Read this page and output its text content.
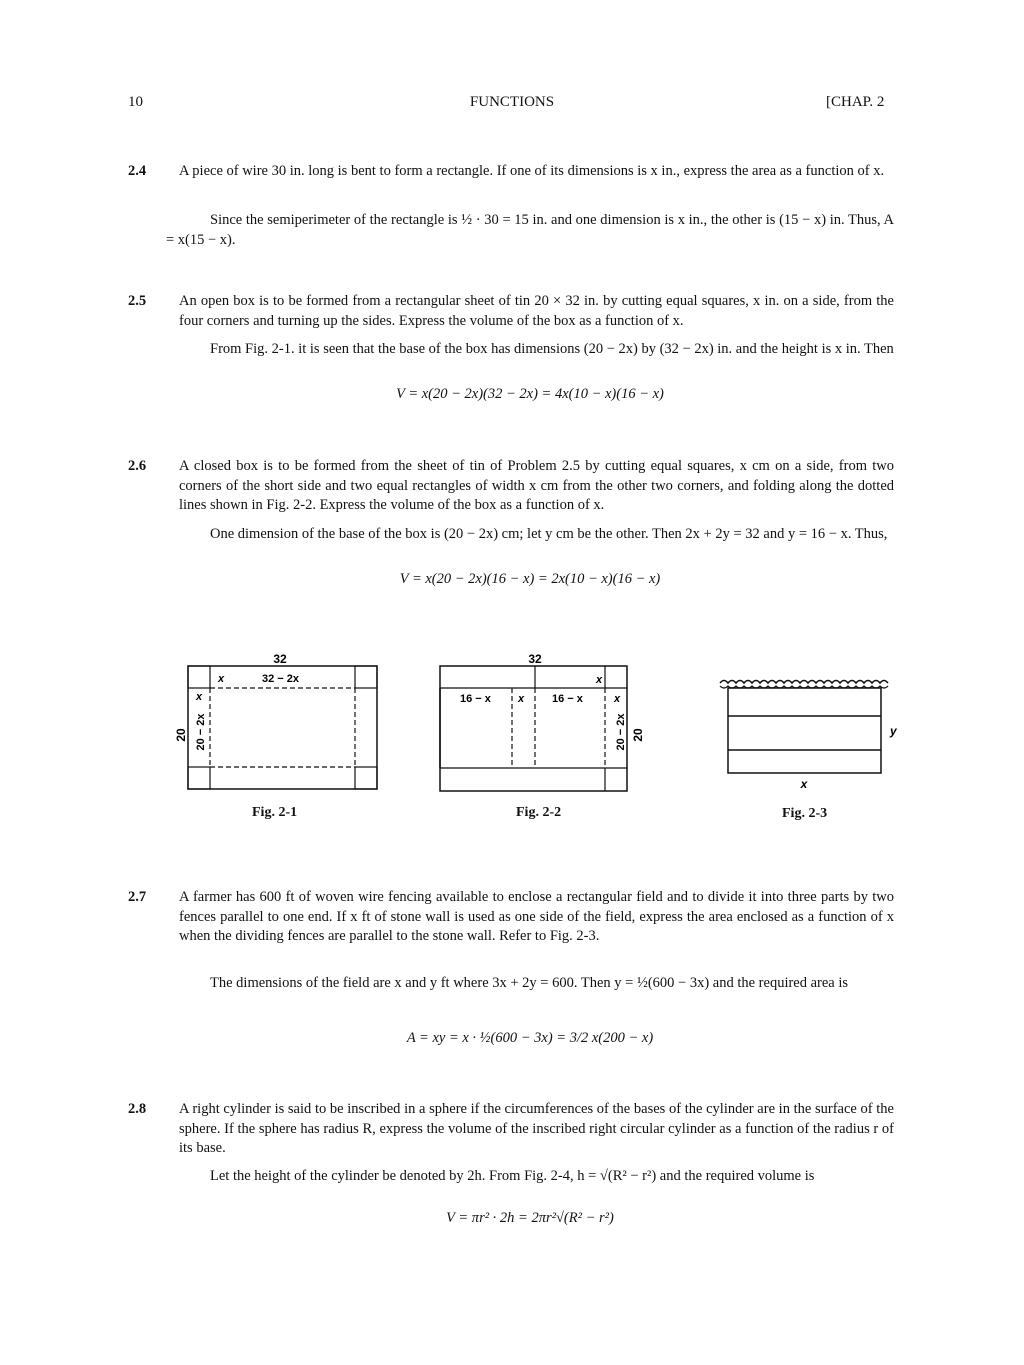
10	FUNCTIONS	[CHAP. 2
2.4 A piece of wire 30 in. long is bent to form a rectangle. If one of its dimensions is x in., express the area as a function of x.
Since the semiperimeter of the rectangle is ½ · 30 = 15 in. and one dimension is x in., the other is (15 − x) in. Thus, A = x(15 − x).
2.5 An open box is to be formed from a rectangular sheet of tin 20 × 32 in. by cutting equal squares, x in. on a side, from the four corners and turning up the sides. Express the volume of the box as a function of x.
From Fig. 2-1. it is seen that the base of the box has dimensions (20 − 2x) by (32 − 2x) in. and the height is x in. Then
V = x(20 − 2x)(32 − 2x) = 4x(10 − x)(16 − x)
2.6 A closed box is to be formed from the sheet of tin of Problem 2.5 by cutting equal squares, x cm on a side, from two corners of the short side and two equal rectangles of width x cm from the other two corners, and folding along the dotted lines shown in Fig. 2-2. Express the volume of the box as a function of x.
One dimension of the base of the box is (20 − 2x) cm; let y cm be the other. Then 2x + 2y = 32 and y = 16 − x. Thus,
V = x(20 − 2x)(16 − x) = 2x(10 − x)(16 − x)
32
x	32 − 2x
x
20 20 − 2x
32
x
16 − x x	16 − x	x
20 − 2x 20	y
x
Fig. 2-1	Fig. 2-2	Fig. 2-3
2.7 A farmer has 600 ft of woven wire fencing available to enclose a rectangular field and to divide it into three parts by two fences parallel to one end. If x ft of stone wall is used as one side of the field, express the area enclosed as a function of x when the dividing fences are parallel to the stone wall. Refer to Fig. 2-3.
The dimensions of the field are x and y ft where 3x + 2y = 600. Then y = ½(600 − 3x) and the required area is
A = xy = x · ½(600 − 3x) = 3/2 x(200 − x)
2.8 A right cylinder is said to be inscribed in a sphere if the circumferences of the bases of the cylinder are in the surface of the sphere. If the sphere has radius R, express the volume of the inscribed right circular cylinder as a function of the radius r of its base.
Let the height of the cylinder be denoted by 2h. From Fig. 2-4, h = √(R² − r²) and the required volume is
V = πr² · 2h = 2πr²√(R² − r²)
